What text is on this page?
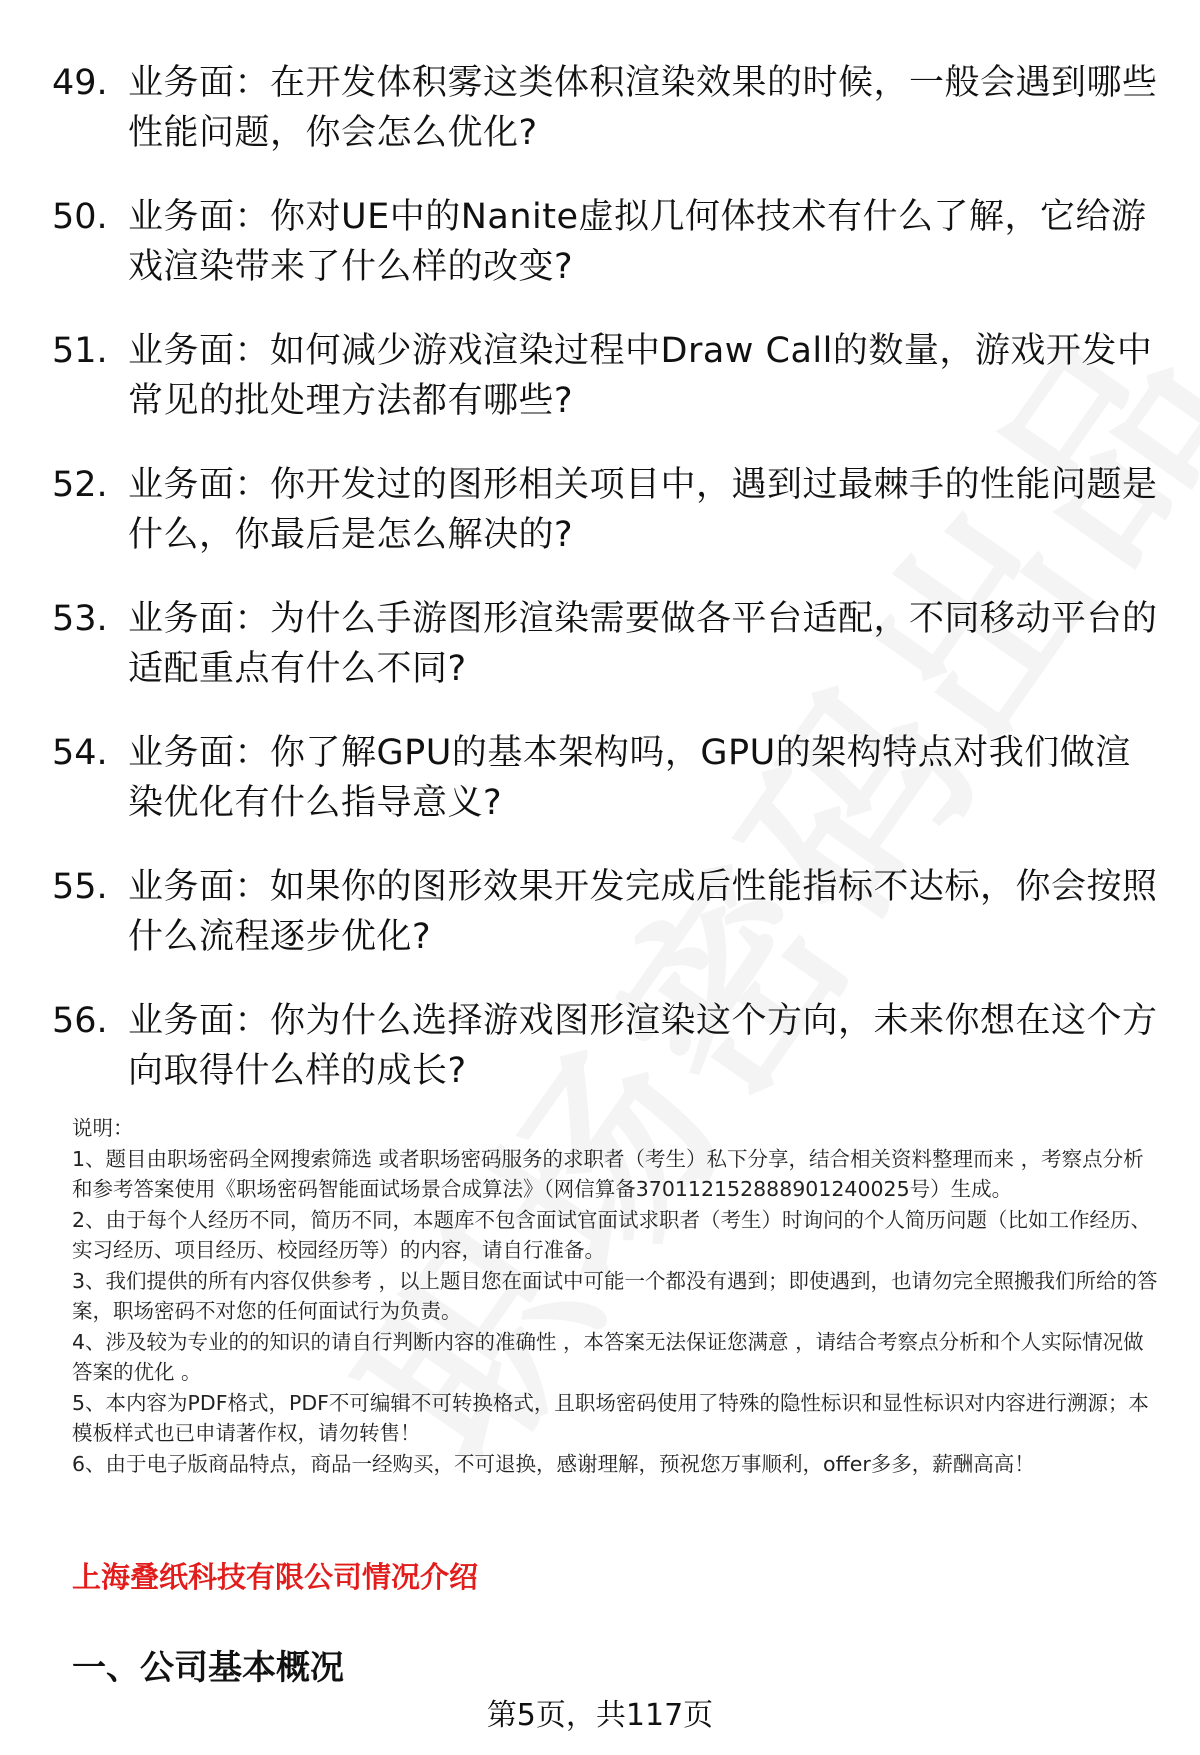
49. 业务面：在开发体积雾这类体积渲染效果的时候，一般会遇到哪些性能问题，你会怎么优化?
50. 业务面：你对UE中的Nanite虚拟几何体技术有什么了解，它给游戏渲染带来了什么样的改变?
51. 业务面：如何减少游戏渲染过程中Draw Call的数量，游戏开发中常见的批处理方法都有哪些?
52. 业务面：你开发过的图形相关项目中，遇到过最棘手的性能问题是什么，你最后是怎么解决的?
53. 业务面：为什么手游图形渲染需要做各平台适配，不同移动平台的适配重点有什么不同?
54. 业务面：你了解GPU的基本架构吗，GPU的架构特点对我们做渲染优化有什么指导意义?
55. 业务面：如果你的图形效果开发完成后性能指标不达标，你会按照什么流程逐步优化?
56. 业务面：你为什么选择游戏图形渲染这个方向，未来你想在这个方向取得什么样的成长?

说明：

1、题目由职场密码全网搜索筛选 或者职场密码服务的求职者（考生）私下分享，结合相关资料整理而来 ，考察点分析和参考答案使用《职场密码智能面试场景合成算法》（网信算备370112152888901240025号）生成。

2、由于每个人经历不同，简历不同，本题库不包含面试官面试求职者（考生）时询问的个人简历问题（比如工作经历、实习经历、项目经历、校园经历等）的内容，请自行准备。

3、我们提供的所有内容仅供参考 ，以上题目您在面试中可能一个都没有遇到；即使遇到，也请勿完全照搬我们所给的答案，职场密码不对您的任何面试行为负责。

4、涉及较为专业的的知识的请自行判断内容的准确性 ，本答案无法保证您满意 ，请结合考察点分析和个人实际情况做答案的优化 。

5、本内容为PDF格式，PDF不可编辑不可转换格式，且职场密码使用了特殊的隐性标识和显性标识对内容进行溯源；本模板样式也已申请著作权，请勿转售！

6、由于电子版商品特点，商品一经购买，不可退换，感谢理解，预祝您万事顺利，offer多多，薪酬高高！

上海叠纸科技有限公司情况介绍
一、公司基本概况
第5页，共117页
